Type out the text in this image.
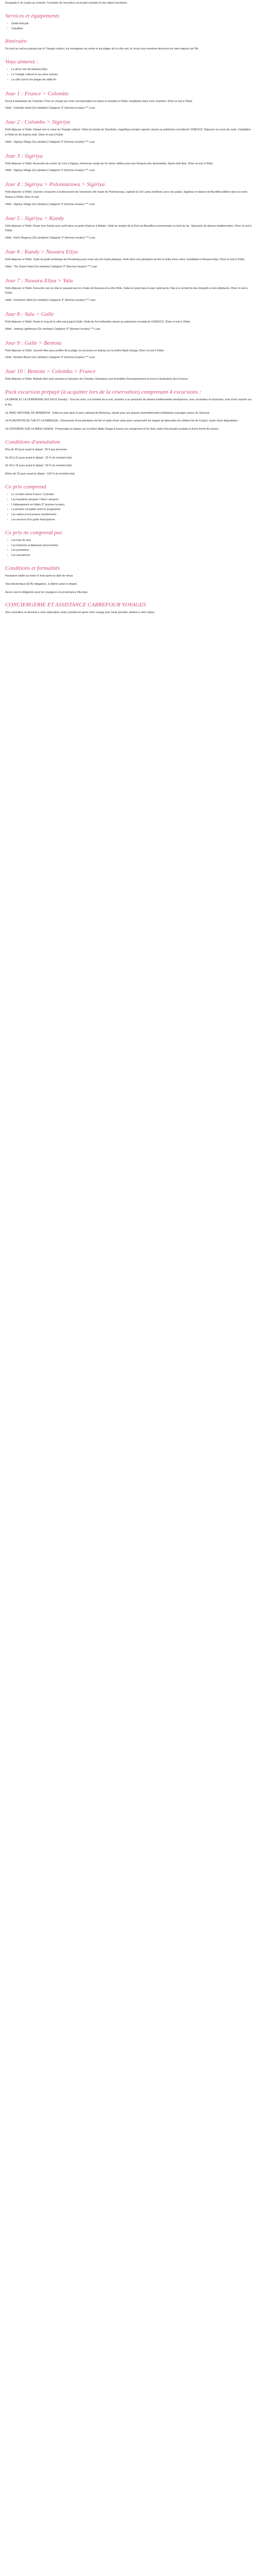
Escapade à Sri Lanka au sommet, l'occasion de rencontrer un peuple souriant et une nature luxuriante.

Services et équipements
• Guide français
• Chauffeur
Itinéraire

Du nord au sud en passant par le Triangle culturel, les montagnes du centre et les plages de la côte sud, le circuit vous emmène découvrir les sites majeurs de l'île.

Vous aimerez :
• Le décor vert de Nuwara Eliya
• Le Triangle culturel et ses sites classés
• La côte sud et ses plages de sable fin
Jour 1 : France > Colombo

Envol à destination de Colombo. Prise en charge par votre correspondant sur place et transfert à l'hôtel. Installation dans votre chambre. Dîner et nuit à l'hôtel.

Hôtel : Colombo Hotel (Ou similaire) Catégorie 3* (Normes locales) *** Luxe

Jour 2 : Colombo > Sigiriya

Petit déjeuner à l'hôtel. Départ vers le cœur du Triangle culturel. Visite du temple de Dambulla, magnifique temple rupestre classé au patrimoine mondial de l'UNESCO. Déjeuner en cours de route. Installation à l'hôtel en fin d'après-midi. Dîner et nuit à l'hôtel.

Hôtel : Sigiriya Village (Ou similaire) Catégorie 3* (Normes locales) *** Luxe

Jour 3 : Sigiriya

Petit déjeuner à l'hôtel. Ascension du rocher du Lion à Sigiriya, forteresse royale du Ve siècle célèbre pour ses fresques des demoiselles. Après-midi libre. Dîner et nuit à l'hôtel.

Hôtel : Sigiriya Village (Ou similaire) Catégorie 3* (Normes locales) *** Luxe

Jour 4 : Sigiriya > Polonnaruwa > Sigiriya

Petit déjeuner à l'hôtel. Journée consacrée à la découverte de l'ancienne cité royale de Polonnaruwa, capitale du Sri Lanka médiéval, avec ses palais, dagobas et statues de Bouddha taillées dans la roche. Retour à l'hôtel, dîner et nuit.

Hôtel : Sigiriya Village (Ou similaire) Catégorie 3* (Normes locales) *** Luxe

Jour 5 : Sigiriya > Kandy

Petit déjeuner à l'hôtel. Route vers Kandy avec arrêt dans un jardin d'épices à Matale. Visite du temple de la Dent du Bouddha et promenade au bord du lac. Spectacle de danses traditionnelles. Dîner et nuit à l'hôtel.

Hôtel : Earl's Regency (Ou similaire) Catégorie 3* (Normes locales) *** Luxe

Jour 6 : Kandy > Nuwara Eliya

Petit déjeuner à l'hôtel. Visite du jardin botanique de Peradeniya puis route vers les hauts plateaux. Arrêt dans une plantation de thé et visite d'une usine. Installation à Nuwara Eliya. Dîner et nuit à l'hôtel.

Hôtel : The Grand Hotel (Ou similaire) Catégorie 3* (Normes locales) *** Luxe

Jour 7 : Nuwara Eliya > Yala

Petit déjeuner à l'hôtel. Descente vers la côte en passant par les chutes de Ravana et la ville d'Ella. Safari en jeep dans le parc national de Yala à la recherche des léopards et des éléphants. Dîner et nuit à l'hôtel.

Hôtel : Cinnamon Wild (Ou similaire) Catégorie 3* (Normes locales) *** Luxe

Jour 8 : Yala > Galle

Petit déjeuner à l'hôtel. Route le long de la côte sud jusqu'à Galle. Visite du fort hollandais classé au patrimoine mondial de l'UNESCO. Dîner et nuit à l'hôtel.

Hôtel : Jetwing Lighthouse (Ou similaire) Catégorie 3* (Normes locales) *** Luxe

Jour 9 : Galle > Bentota

Petit déjeuner à l'hôtel. Journée libre pour profiter de la plage ou excursion en bateau sur la rivière Madu Ganga. Dîner et nuit à l'hôtel.

Hôtel : Bentota Beach (Ou similaire) Catégorie 3* (Normes locales) *** Luxe

Jour 10 : Bentota > Colombo > France

Petit déjeuner à l'hôtel. Matinée libre puis transfert à l'aéroport de Colombo. Assistance aux formalités d'enregistrement et envol à destination de la France.

Pack excursion prépayé (à acquitter lors de la réservation) comprenant 4 excursions :

LA DANSE ET LA CÉRÉMONIE DES FEUX (Kandy) : Tous les soirs, à la tombée de la nuit, assistez à un spectacle de danses traditionnelles kandyennes, avec acrobaties et musiciens, suivi d'une marche sur le feu.

LE PARC NATIONAL DE MINNERIYA : Safari en jeep dans le parc national de Minneriya, réputé pour ses grands rassemblements d'éléphants sauvages autour du réservoir.

LA PLANTATION DE THÉ ET LA FABRIQUE : Découverte d'une plantation de thé et visite d'une usine pour comprendre les étapes de fabrication du célèbre thé de Ceylan, suivie d'une dégustation.

LA CROISIÈRE SUR LA MADU GANGA : Promenade en bateau sur la rivière Madu Ganga à travers les mangroves et les îlots, visite d'un temple insulaire et d'une ferme de tortues.

Conditions d'annulation

Plus de 60 jours avant le départ : 50 € par personne.

De 60 à 31 jours avant le départ : 25 % du montant total.

De 30 à 15 jours avant le départ : 50 % du montant total.

Moins de 15 jours avant le départ : 100 % du montant total.

Ce prix comprend
• Le vol aller-retour France / Colombo
• Les transferts aéroport / hôtel / aéroport
• L'hébergement en hôtels 3* (normes locales)
• La pension complète selon le programme
• Les visites et excursions mentionnées
• Les services d'un guide francophone
Ce prix ne comprend pas
• Les frais de visa
• Les boissons et dépenses personnelles
• Les pourboires
• Les assurances
Conditions et formalités

Passeport valide au moins 6 mois après la date de retour.

Visa électronique (ETA) obligatoire, à obtenir avant le départ.

Aucun vaccin obligatoire pour les voyageurs en provenance d'Europe.

CONCIERGERIE ET ASSISTANCE CARREFOUR VOYAGES

Nos conseillers se tiennent à votre disposition avant, pendant et après votre voyage pour toute question relative à votre séjour.
